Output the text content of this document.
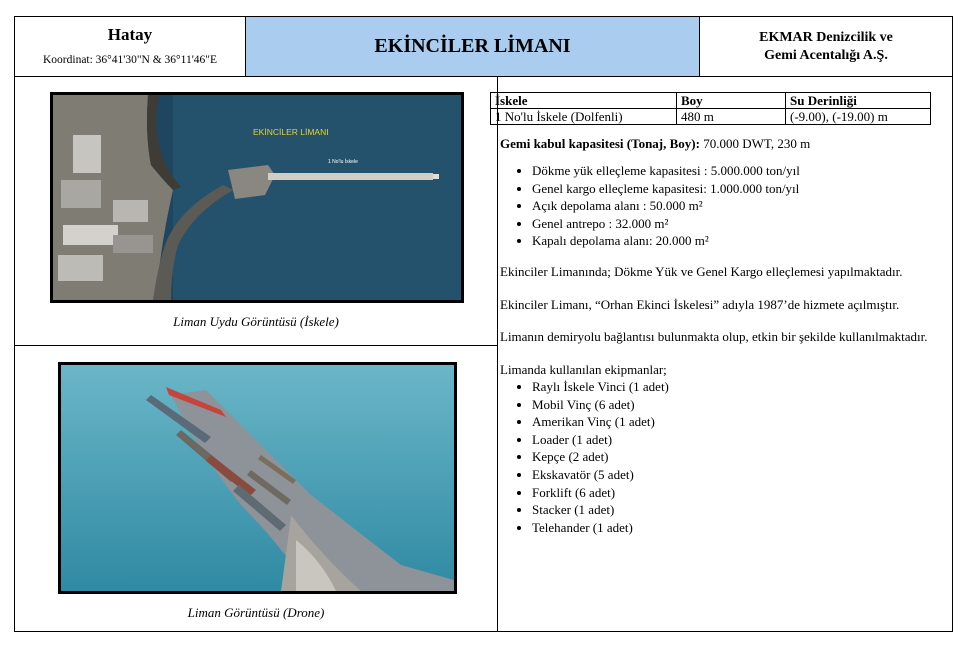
Hatay
Koordinat: 36°41'30"N & 36°11'46"E
EKİNCİLER LİMANI	EKMAR Denizcilik ve
Gemi Acentalığı A.Ş.
EKİNCİLER LİMANI
1 No'lu İskele
Liman Uydu Görüntüsü (İskele)
Liman Görüntüsü (Drone)
İskele	Boy	Su Derinliği
1 No'lu İskele (Dolfenli)	480 m	(-9.00), (-19.00) m
Gemi kabul kapasitesi (Tonaj, Boy): 70.000 DWT, 230 m
• Dökme yük elleçleme kapasitesi : 5.000.000 ton/yıl
• Genel kargo elleçleme kapasitesi: 1.000.000 ton/yıl
• Açık depolama alanı : 50.000 m²
• Genel antrepo : 32.000 m²
• Kapalı depolama alanı: 20.000 m²
Ekinciler Limanında; Dökme Yük ve Genel Kargo elleçlemesi yapılmaktadır.
Ekinciler Limanı, “Orhan Ekinci İskelesi” adıyla 1987’de hizmete açılmıştır.
Limanın demiryolu bağlantısı bulunmakta olup, etkin bir şekilde kullanılmaktadır.
Limanda kullanılan ekipmanlar;
• Raylı İskele Vinci (1 adet)
• Mobil Vinç (6 adet)
• Amerikan Vinç (1 adet)
• Loader (1 adet)
• Kepçe (2 adet)
• Ekskavatör (5 adet)
• Forklift (6 adet)
• Stacker (1 adet)
• Telehander (1 adet)
